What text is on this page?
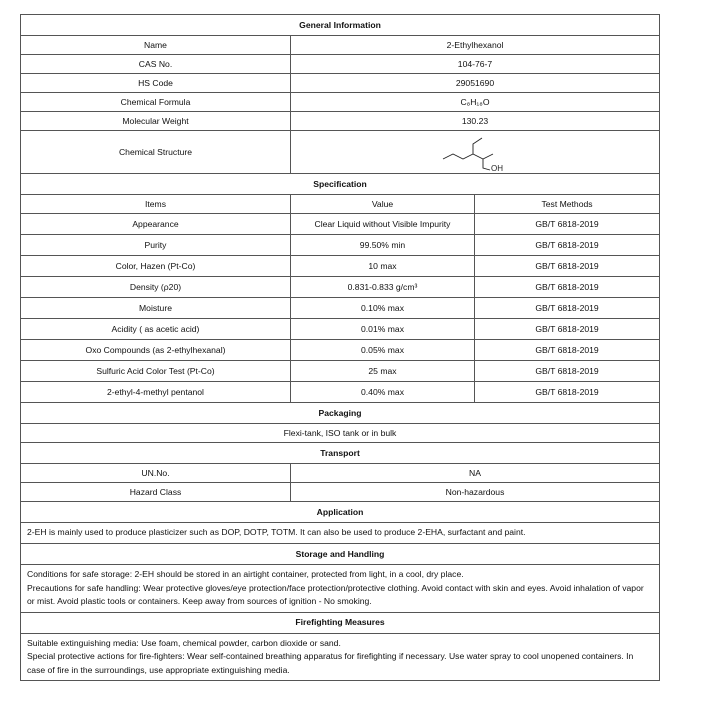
General Information		
Name	2-Ethylhexanol	
CAS No.	104-76-7	
HS Code	29051690	
Chemical Formula	C₈H₁₈O	
Molecular Weight	130.23	
Chemical Structure	OH	

Specification		
Items	Value	Test Methods
Appearance	Clear Liquid without Visible Impurity	GB/T 6818-2019
Purity	99.50% min	GB/T 6818-2019
Color, Hazen (Pt-Co)	10 max	GB/T 6818-2019
Density (ρ20)	0.831-0.833 g/cm³	GB/T 6818-2019
Moisture	0.10% max	GB/T 6818-2019
Acidity ( as acetic acid)	0.01% max	GB/T 6818-2019
Oxo Compounds (as 2-ethylhexanal)	0.05% max	GB/T 6818-2019
Sulfuric Acid Color Test (Pt-Co)	25 max	GB/T 6818-2019
2-ethyl-4-methyl pentanol	0.40% max	GB/T 6818-2019
Packaging		
Flexi-tank, ISO tank or in bulk		
Transport		
UN.No.	NA	
Hazard Class	Non-hazardous	
Application		
2-EH is mainly used to produce plasticizer such as DOP, DOTP, TOTM. It can also be used to produce 2-EHA, surfactant and paint.		
Storage and Handling		

Conditions for safe storage: 2-EH should be stored in an airtight container, protected from light, in a cool, dry place.
Precautions for safe handling: Wear protective gloves/eye protection/face protection/protective clothing. Avoid contact with skin and eyes. Avoid inhalation of vapor or mist. Avoid plastic tools or containers. Keep away from sources of ignition - No smoking.		

Firefighting Measures		

Suitable extinguishing media: Use foam, chemical powder, carbon dioxide or sand.
Special protective actions for fire-fighters: Wear self-contained breathing apparatus for firefighting if necessary. Use water spray to cool unopened containers. In case of fire in the surroundings, use appropriate extinguishing media.		
